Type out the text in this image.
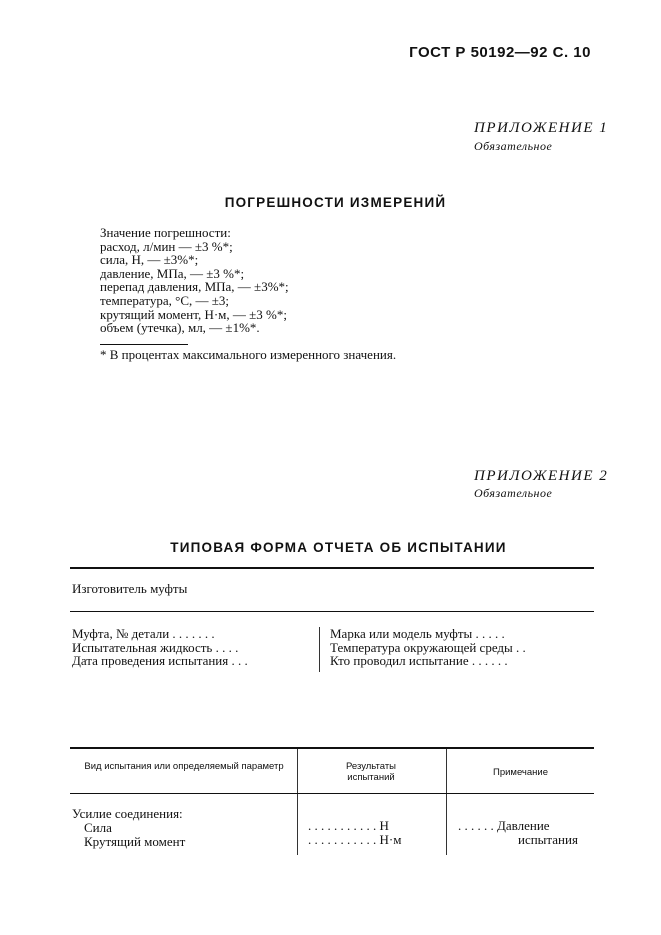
ГОСТ Р 50192—92 С. 10
ПРИЛОЖЕНИЕ 1
Обязательное
ПОГРЕШНОСТИ ИЗМЕРЕНИЙ
Значение погрешности:
расход, л/мин — ±3 %*;
сила, Н, — ±3%*;
давление, МПа, — ±3 %*;
перепад давления, МПа, — ±3%*;
температура, °С, — ±3;
крутящий момент, Н·м, — ±3 %*;
объем (утечка), мл, — ±1%*.
* В процентах максимального измеренного значения.
ПРИЛОЖЕНИЕ 2
Обязательное
ТИПОВАЯ ФОРМА ОТЧЕТА ОБ ИСПЫТАНИИ
Изготовитель муфты
Муфта, № детали . . . . . . .
Испытательная жидкость . . . .
Дата проведения испытания . . .
Марка или модель муфты . . . . .
Температура окружающей среды . .
Кто проводил испытание . . . . . .
Вид испытания или определяемый параметр	Результаты испытаний	Примечание
Усилие соединения:
Сила
Крутящий момент
. . . . . . . . . . . Н
. . . . . . . . . . . Н·м
. . . . . . Давление
испытания
